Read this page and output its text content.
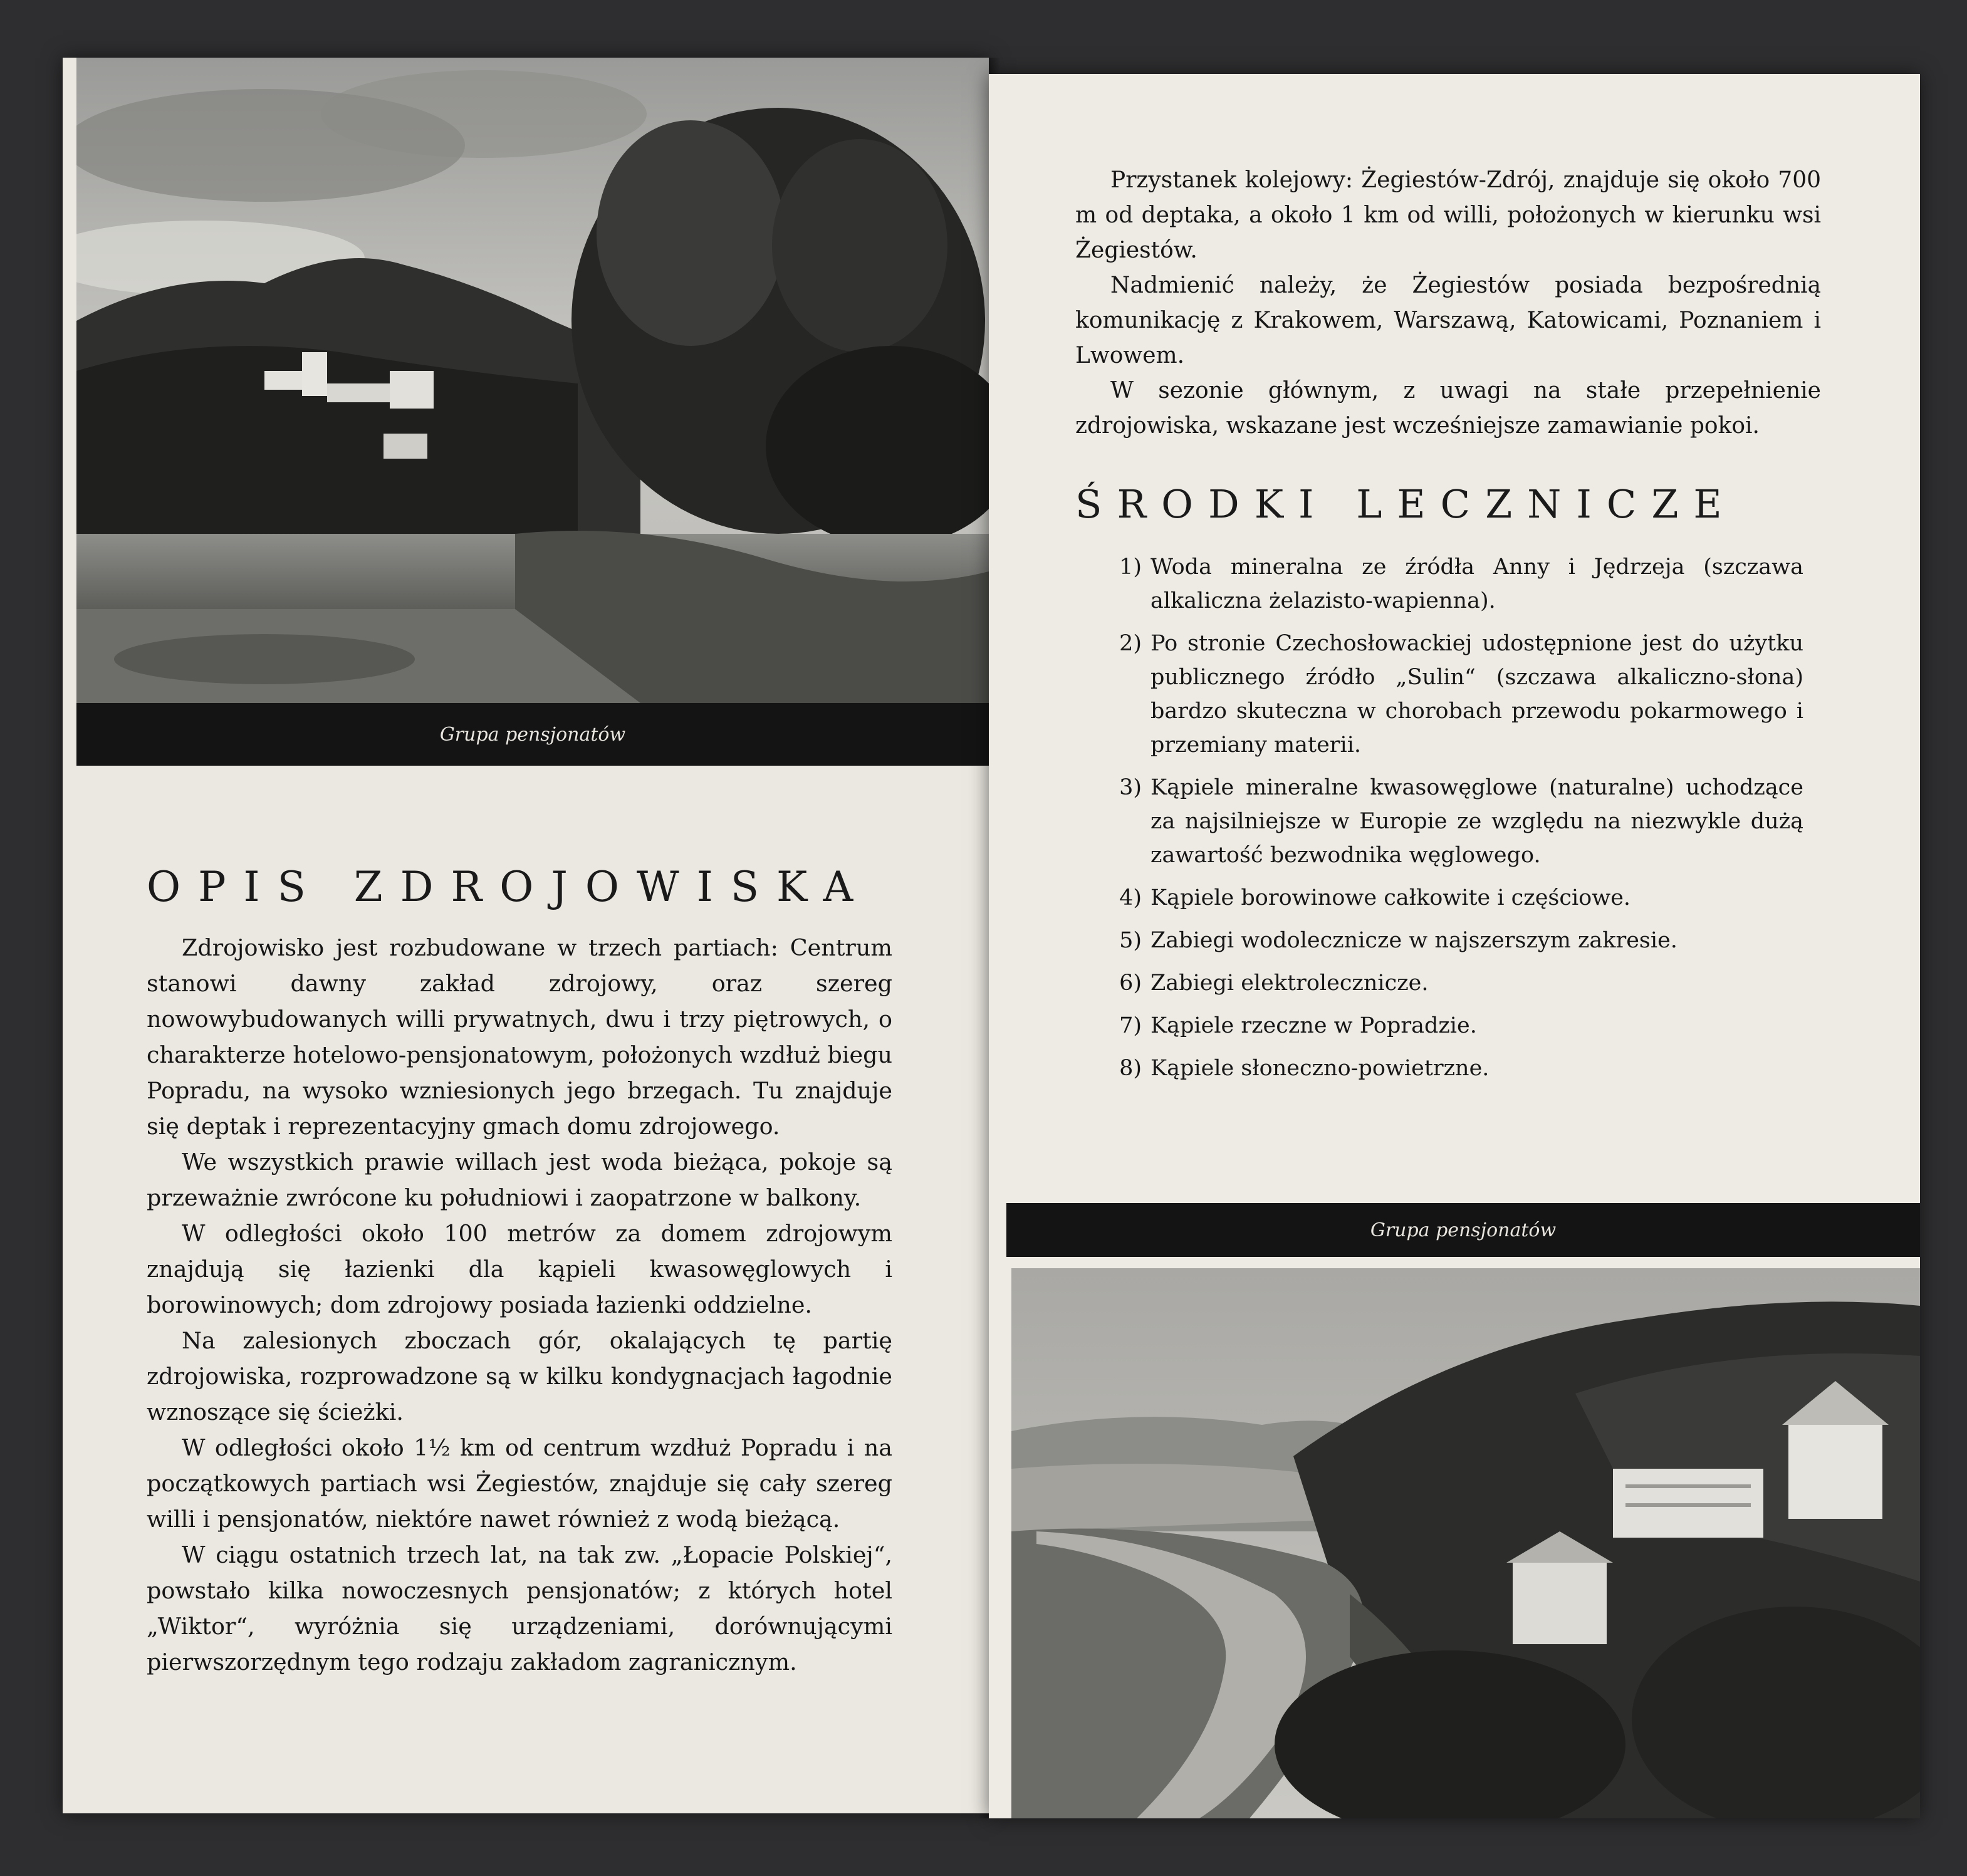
Grupa pensjonatów
OPIS ZDROJOWISKA

Zdrojowisko jest rozbudowane w trzech partiach: Centrum stanowi dawny zakład zdrojowy, oraz szereg nowowybudowanych willi prywatnych, dwu i trzy piętrowych, o charakterze hotelowo-pensjonatowym, położonych wzdłuż biegu Popradu, na wysoko wzniesionych jego brzegach. Tu znajduje się deptak i reprezentacyjny gmach domu zdrojowego.

We wszystkich prawie willach jest woda bieżąca, pokoje są przeważnie zwrócone ku południowi i zaopatrzone w balkony.

W odległości około 100 metrów za domem zdrojowym znajdują się łazienki dla kąpieli kwasowęglowych i borowinowych; dom zdrojowy posiada łazienki oddzielne.

Na zalesionych zboczach gór, okalających tę partię zdrojowiska, rozprowadzone są w kilku kondygnacjach łagodnie wznoszące się ścieżki.

W odległości około 1½ km od centrum wzdłuż Popradu i na początkowych partiach wsi Żegiestów, znajduje się cały szereg willi i pensjonatów, niektóre nawet również z wodą bieżącą.

W ciągu ostatnich trzech lat, na tak zw. „Łopacie Polskiej“, powstało kilka nowoczesnych pensjonatów; z których hotel „Wiktor“, wyróżnia się urządzeniami, dorównującymi pierwszorzędnym tego rodzaju zakładom zagranicznym.

Przystanek kolejowy: Żegiestów-Zdrój, znajduje się około 700 m od deptaka, a około 1 km od willi, położonych w kierunku wsi Żegiestów.

Nadmienić należy, że Żegiestów posiada bezpośrednią komunikację z Krakowem, Warszawą, Katowicami, Poznaniem i Lwowem.

W sezonie głównym, z uwagi na stałe przepełnienie zdrojowiska, wskazane jest wcześniejsze zamawianie pokoi.

ŚRODKI LECZNICZE
1) Woda mineralna ze źródła Anny i Jędrzeja (szczawa alkaliczna żelazisto-wapienna).
2) Po stronie Czechosłowackiej udostępnione jest do użytku publicznego źródło „Sulin“ (szczawa alkaliczno-słona) bardzo skuteczna w chorobach przewodu pokarmowego i przemiany materii.
3) Kąpiele mineralne kwasowęglowe (naturalne) uchodzące za najsilniejsze w Europie ze względu na niezwykle dużą zawartość bezwodnika węglowego.
4) Kąpiele borowinowe całkowite i częściowe.
5) Zabiegi wodolecznicze w najszerszym zakresie.
6) Zabiegi elektrolecznicze.
7) Kąpiele rzeczne w Popradzie.
8) Kąpiele słoneczno-powietrzne.
Grupa pensjonatów
